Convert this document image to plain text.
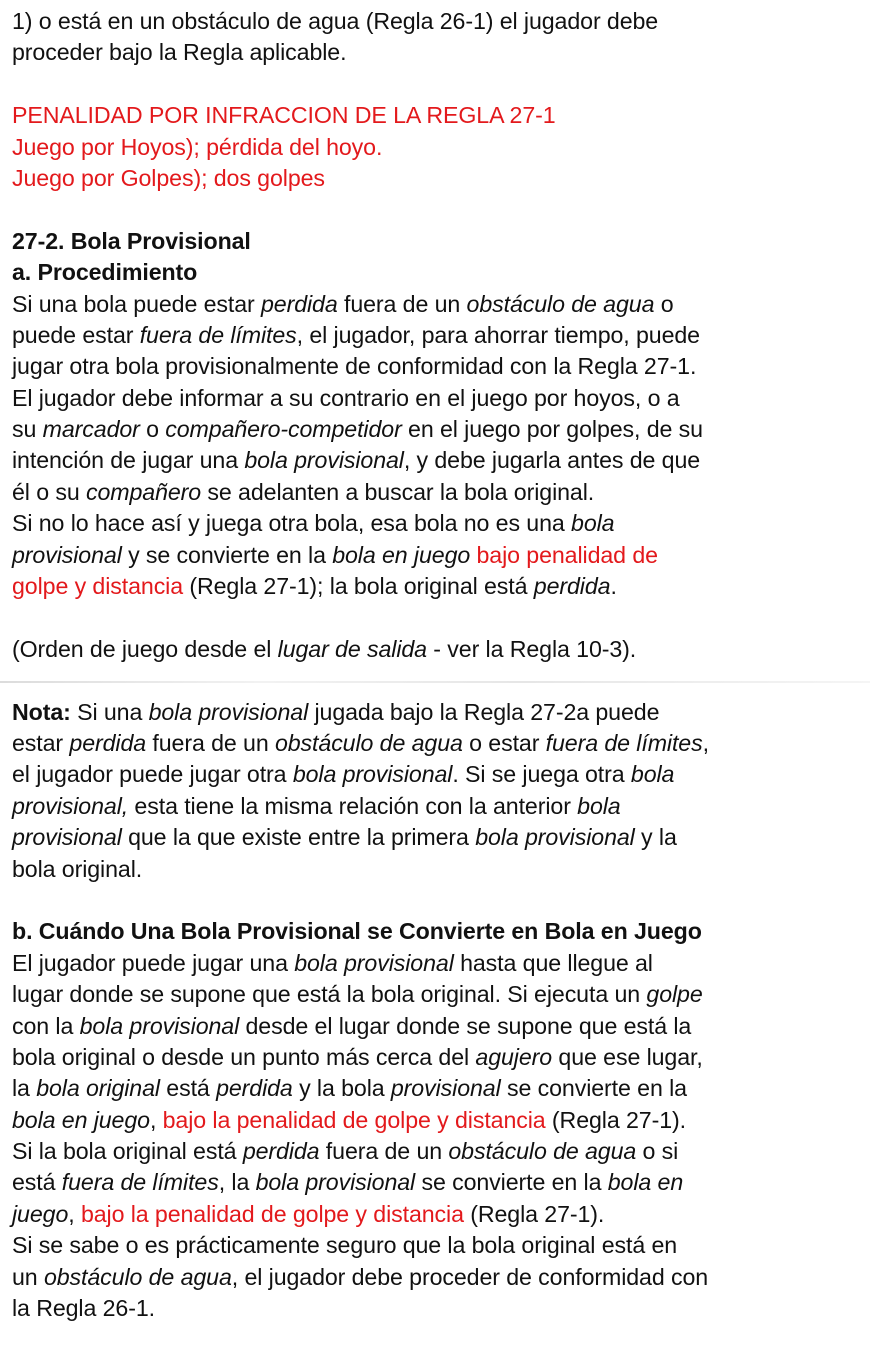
1) o está en un obstáculo de agua (Regla 26-1) el jugador debe
proceder bajo la Regla aplicable.
PENALIDAD POR INFRACCION DE LA REGLA 27-1
Juego por Hoyos); pérdida del hoyo.
Juego por Golpes); dos golpes
27-2. Bola Provisional
a. Procedimiento
Si una bola puede estar perdida fuera de un obstáculo de agua o
puede estar fuera de límites, el jugador, para ahorrar tiempo, puede
jugar otra bola provisionalmente de conformidad con la Regla 27-1.
El jugador debe informar a su contrario en el juego por hoyos, o a
su marcador o compañero-competidor en el juego por golpes, de su
intención de jugar una bola provisional, y debe jugarla antes de que
él o su compañero se adelanten a buscar la bola original.
Si no lo hace así y juega otra bola, esa bola no es una bola
provisional y se convierte en la bola en juego bajo penalidad de
golpe y distancia (Regla 27-1); la bola original está perdida.
(Orden de juego desde el lugar de salida - ver la Regla 10-3).
Nota: Si una bola provisional jugada bajo la Regla 27-2a puede
estar perdida fuera de un obstáculo de agua o estar fuera de límites,
el jugador puede jugar otra bola provisional. Si se juega otra bola
provisional, esta tiene la misma relación con la anterior bola
provisional que la que existe entre la primera bola provisional y la
bola original.
b. Cuándo Una Bola Provisional se Convierte en Bola en Juego
El jugador puede jugar una bola provisional hasta que llegue al
lugar donde se supone que está la bola original. Si ejecuta un golpe
con la bola provisional desde el lugar donde se supone que está la
bola original o desde un punto más cerca del agujero que ese lugar,
la bola original está perdida y la bola provisional se convierte en la
bola en juego, bajo la penalidad de golpe y distancia (Regla 27-1).
Si la bola original está perdida fuera de un obstáculo de agua o si
está fuera de límites, la bola provisional se convierte en la bola en
juego, bajo la penalidad de golpe y distancia (Regla 27-1).
Si se sabe o es prácticamente seguro que la bola original está en
un obstáculo de agua, el jugador debe proceder de conformidad con
la Regla 26-1.
